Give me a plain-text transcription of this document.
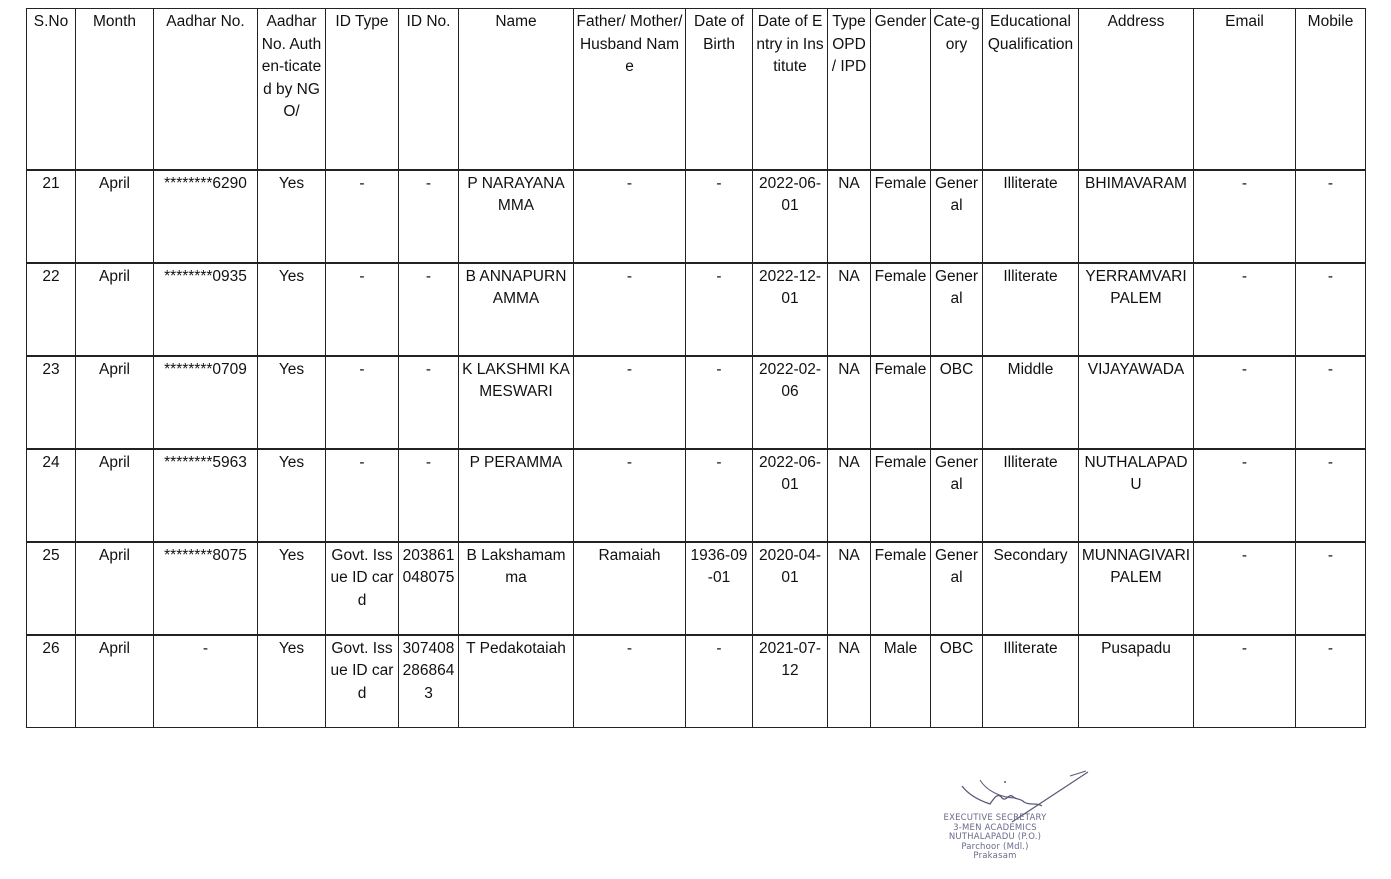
S.No	Month	Aadhar No.	Aadhar No. Authen-ticated by NGO/	ID Type	ID No.	Name	Father/ Mother/ Husband Name	Date of Birth	Date of Entry in Institute	Type OPD / IPD	Gender	Cate-gory	Educational Qualification	Address	Email	Mobile
21	April	********6290	Yes	-	-	P NARAYANAMMA	-	-	2022-06-01	NA	Female	General	Illiterate	BHIMAVARAM	-	-
22	April	********0935	Yes	-	-	B ANNAPURNAMMA	-	-	2022-12-01	NA	Female	General	Illiterate	YERRAMVARIPALEM	-	-
23	April	********0709	Yes	-	-	K LAKSHMI KAMESWARI	-	-	2022-02-06	NA	Female	OBC	Middle	VIJAYAWADA	-	-
24	April	********5963	Yes	-	-	P PERAMMA	-	-	2022-06-01	NA	Female	General	Illiterate	NUTHALAPADU	-	-
25	April	********8075	Yes	Govt. Issue ID card	203861048075	B Lakshamamma	Ramaiah	1936-09-01	2020-04-01	NA	Female	General	Secondary	MUNNAGIVARIPALEM	-	-
26	April	-	Yes	Govt. Issue ID card	3074082868643	T Pedakotaiah	-	-	2021-07-12	NA	Male	OBC	Illiterate	Pusapadu	-	-
EXECUTIVE SECRETARY
3-MEN ACADEMICS
NUTHALAPADU (P.O.)
Parchoor (Mdl.)
Prakasam
